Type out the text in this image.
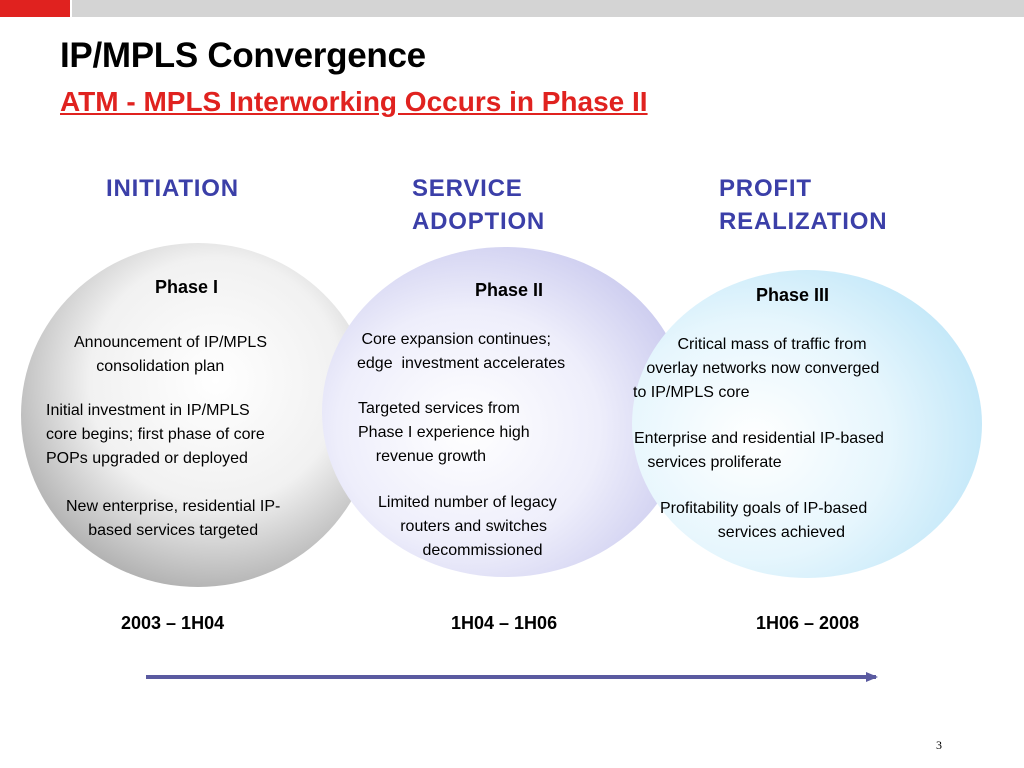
IP/MPLS Convergence
ATM - MPLS Interworking Occurs in Phase II
INITIATION	SERVICE
ADOPTION
PROFIT
REALIZATION
Phase I
Announcement of IP/MPLS
consolidation plan
Initial investment in IP/MPLS
core begins; first phase of core
POPs upgraded or deployed
New enterprise, residential IP-
based services targeted
Phase II
Core expansion continues;
edge  investment accelerates
Targeted services from
Phase I experience high
revenue growth
Limited number of legacy
routers and switches
decommissioned
Phase III
Critical mass of traffic from
overlay networks now converged
to IP/MPLS core
Enterprise and residential IP-based
services proliferate
Profitability goals of IP-based
services achieved
2003 – 1H04	1H04 – 1H06	1H06 – 2008
3
